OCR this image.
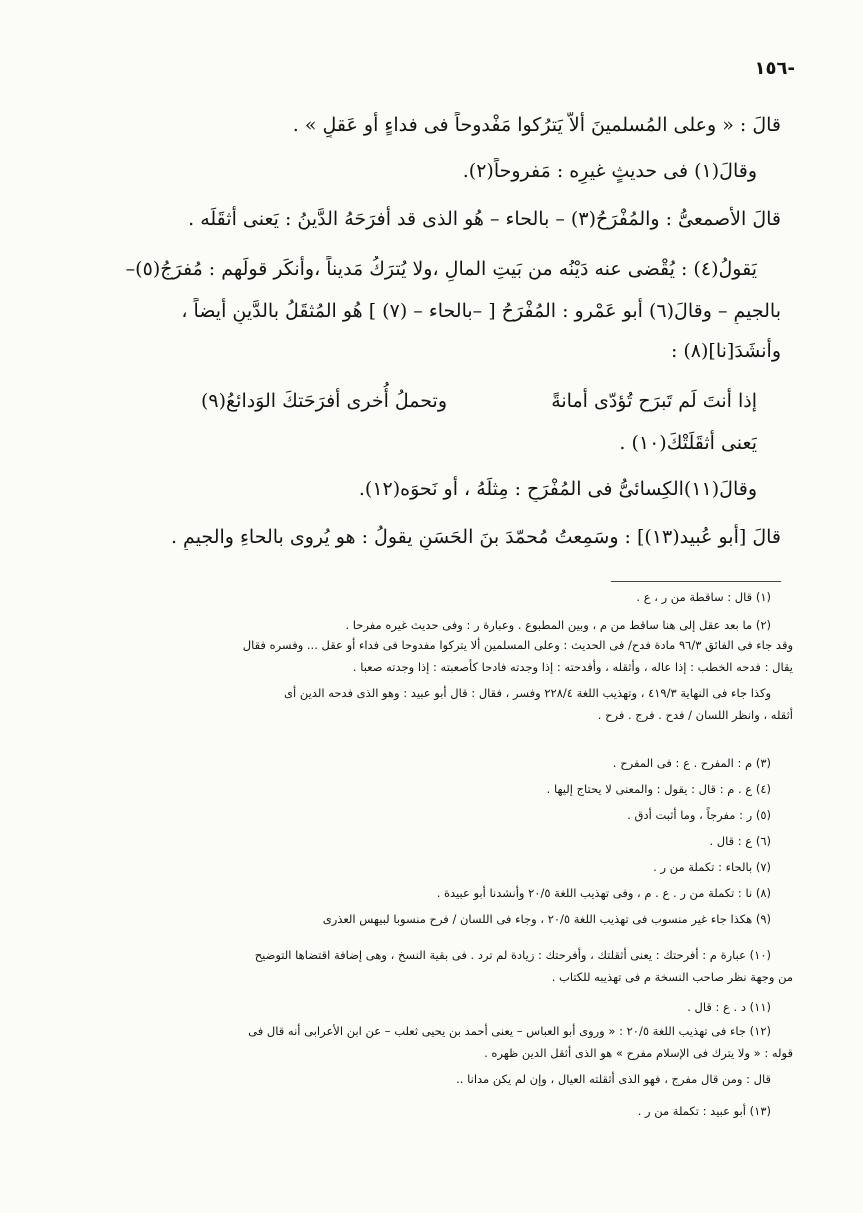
-١٥٦
قالَ : « وعلى المُسلمينَ ألاّ يَترُكوا مَفْدوحاً فى فداءٍ أو عَقلٍ » .
وقالَ(١) فى حديثٍ غيرِه : مَفروحاً(٢).
قالَ الأصمعىُّ : والمُفْرَحُ(٣) – بالحاء – هُو الذى قد أَفرَحَهُ الدَّينُ : يَعنى أَثقَلَه .
يَقولُ(٤) : يُقْضى عنه دَيْنُه من بَيتِ المالِ ،ولا يُترَكُ مَديناً ،وأَنكَر قولَهم : مُفرَجُ(٥)–
بالجيمِ – وقالَ(٦) أبو عَمْرو : المُفْرَحُ [ –بالحاء – (٧) ] هُو المُثقَلُ بالدَّينِ أيضاً ،
وأَنشَدَ[نا](٨) :
إذا أنتَ لَم تَبرَح تُؤدّى أمانةً
وتحملُ أُخرى أفرَحَتكَ الوَدائعُ(٩)
يَعنى أَثقَلَتْكَ(١٠) .
وقالَ(١١)الكِسائىُّ فى المُفْرَحِ : مِثلَهُ ، أو نَحوَه(١٢).
قالَ [أبو عُبيد(١٣)] : وسَمِعتُ مُحمّدَ بنَ الحَسَنِ يقولُ : هو يُروى بالحاءِ والجيمِ .
(١) قال : ساقطة من ر ، ع .
(٢) ما بعد عقل إلى هنا ساقط من م ، وبين المطبوع . وعبارة ر : وفى حديث غيره مفرحا .
وقد جاء فى الفائق ٩٦/٣ مادة فدح/ فى الحديث : وعلى المسلمين ألا يتركوا مفدوحا فى فداء أو عقل ... وفسره فقال
يقال : فدحه الخطب : إذا عاله ، وأثقله ، وأفدحته : إذا وجدته فادحا كأصعبته : إذا وجدته صعبا .
وكذا جاء فى النهاية ٤١٩/٣ ، وتهذيب اللغة ٢٢٨/٤ وفسر ، فقال : قال أبو عبيد : وهو الذى فدحه الدين أى
أثقله ، وانظر اللسان / فدح . فرج . فرح .
(٣) م : المفرح . ع : فى المفرح .
(٤) ع . م : قال : يقول : والمعنى لا يحتاج إليها .
(٥) ر : مفرجاً ، وما أثبت أدق .
(٦) ع : قال .
(٧) بالحاء : تكملة من ر .
(٨) نا : تكملة من ر . ع . م ، وفى تهذيب اللغة ٢٠/٥ وأنشدنا أبو عبيدة .
(٩) هكذا جاء غير منسوب فى تهذيب اللغة ٢٠/٥ ، وجاء فى اللسان / فرح منسوبا لبيهس العذرى
(١٠) عبارة م : أفرحتك : يعنى أثقلتك ، وأفرحتك : زيادة لم ترد . فى بقية النسخ ، وهى إضافة اقتضاها التوضيح
من وجهة نظر صاحب النسخة م فى تهذيبه للكتاب .
(١١) د . ع : قال .
(١٢) جاء فى تهذيب اللغة ٢٠/٥ : « وروى أبو العباس – يعنى أحمد بن يحيى ثعلب – عن ابن الأعرابى أنه قال فى
قوله : « ولا يترك فى الإسلام مفرح » هو الذى أثقل الدين ظهره .
قال : ومن قال مفرج ، فهو الذى أثقلته العيال ، وإن لم يكن مدانا ..
(١٣) أبو عبيد : تكملة من ر .
